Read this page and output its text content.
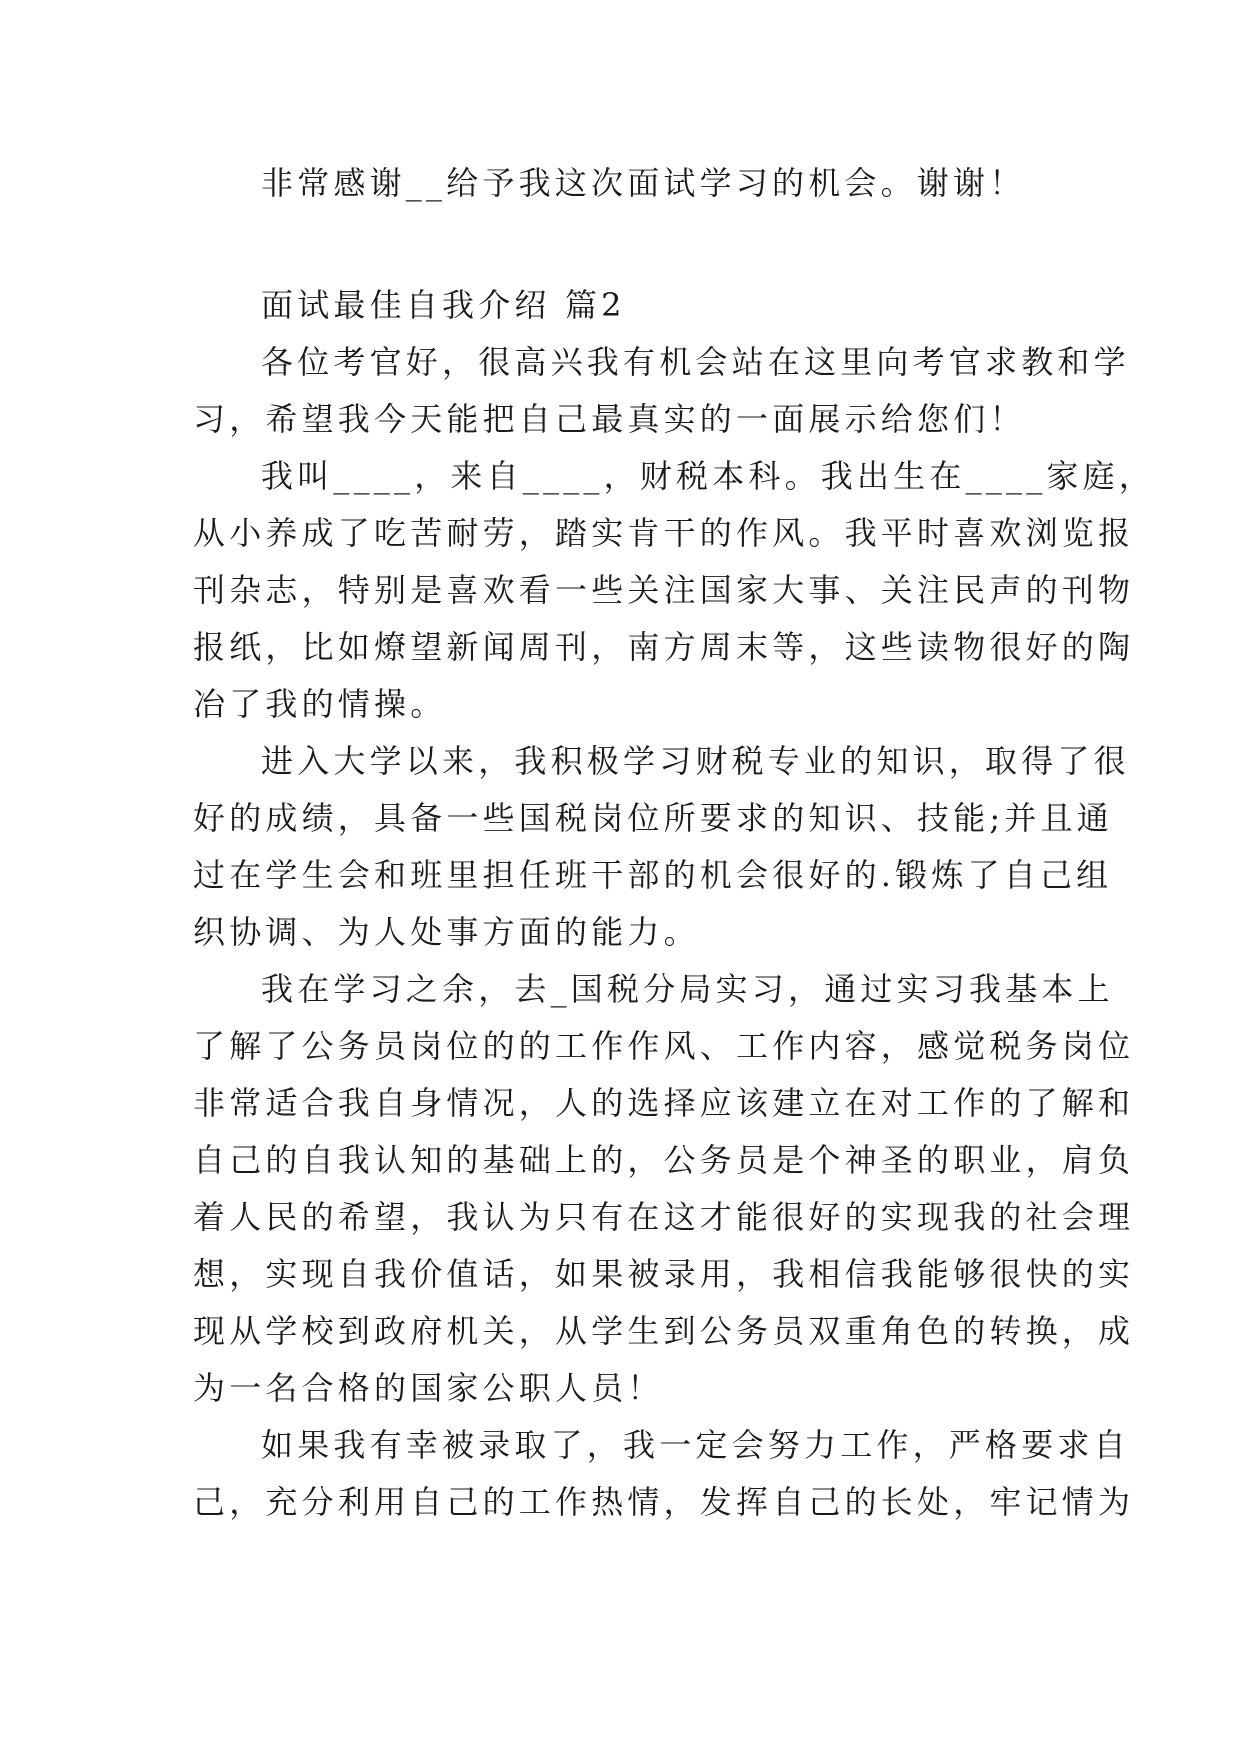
非常感谢__给予我这次面试学习的机会。谢谢！
面试最佳自我介绍 篇2
各位考官好，很高兴我有机会站在这里向考官求教和学
习，希望我今天能把自己最真实的一面展示给您们！
我叫____，来自____，财税本科。我出生在____家庭，
从小养成了吃苦耐劳，踏实肯干的作风。我平时喜欢浏览报
刊杂志，特别是喜欢看一些关注国家大事、关注民声的刊物
报纸，比如燎望新闻周刊，南方周末等，这些读物很好的陶
冶了我的情操。
进入大学以来，我积极学习财税专业的知识，取得了很
好的成绩，具备一些国税岗位所要求的知识、技能;并且通
过在学生会和班里担任班干部的机会很好的.锻炼了自己组
织协调、为人处事方面的能力。
我在学习之余，去_国税分局实习，通过实习我基本上
了解了公务员岗位的的工作作风、工作内容，感觉税务岗位
非常适合我自身情况，人的选择应该建立在对工作的了解和
自己的自我认知的基础上的，公务员是个神圣的职业，肩负
着人民的希望，我认为只有在这才能很好的实现我的社会理
想，实现自我价值话，如果被录用，我相信我能够很快的实
现从学校到政府机关，从学生到公务员双重角色的转换，成
为一名合格的国家公职人员！
如果我有幸被录取了，我一定会努力工作，严格要求自
己，充分利用自己的工作热情，发挥自己的长处，牢记情为
